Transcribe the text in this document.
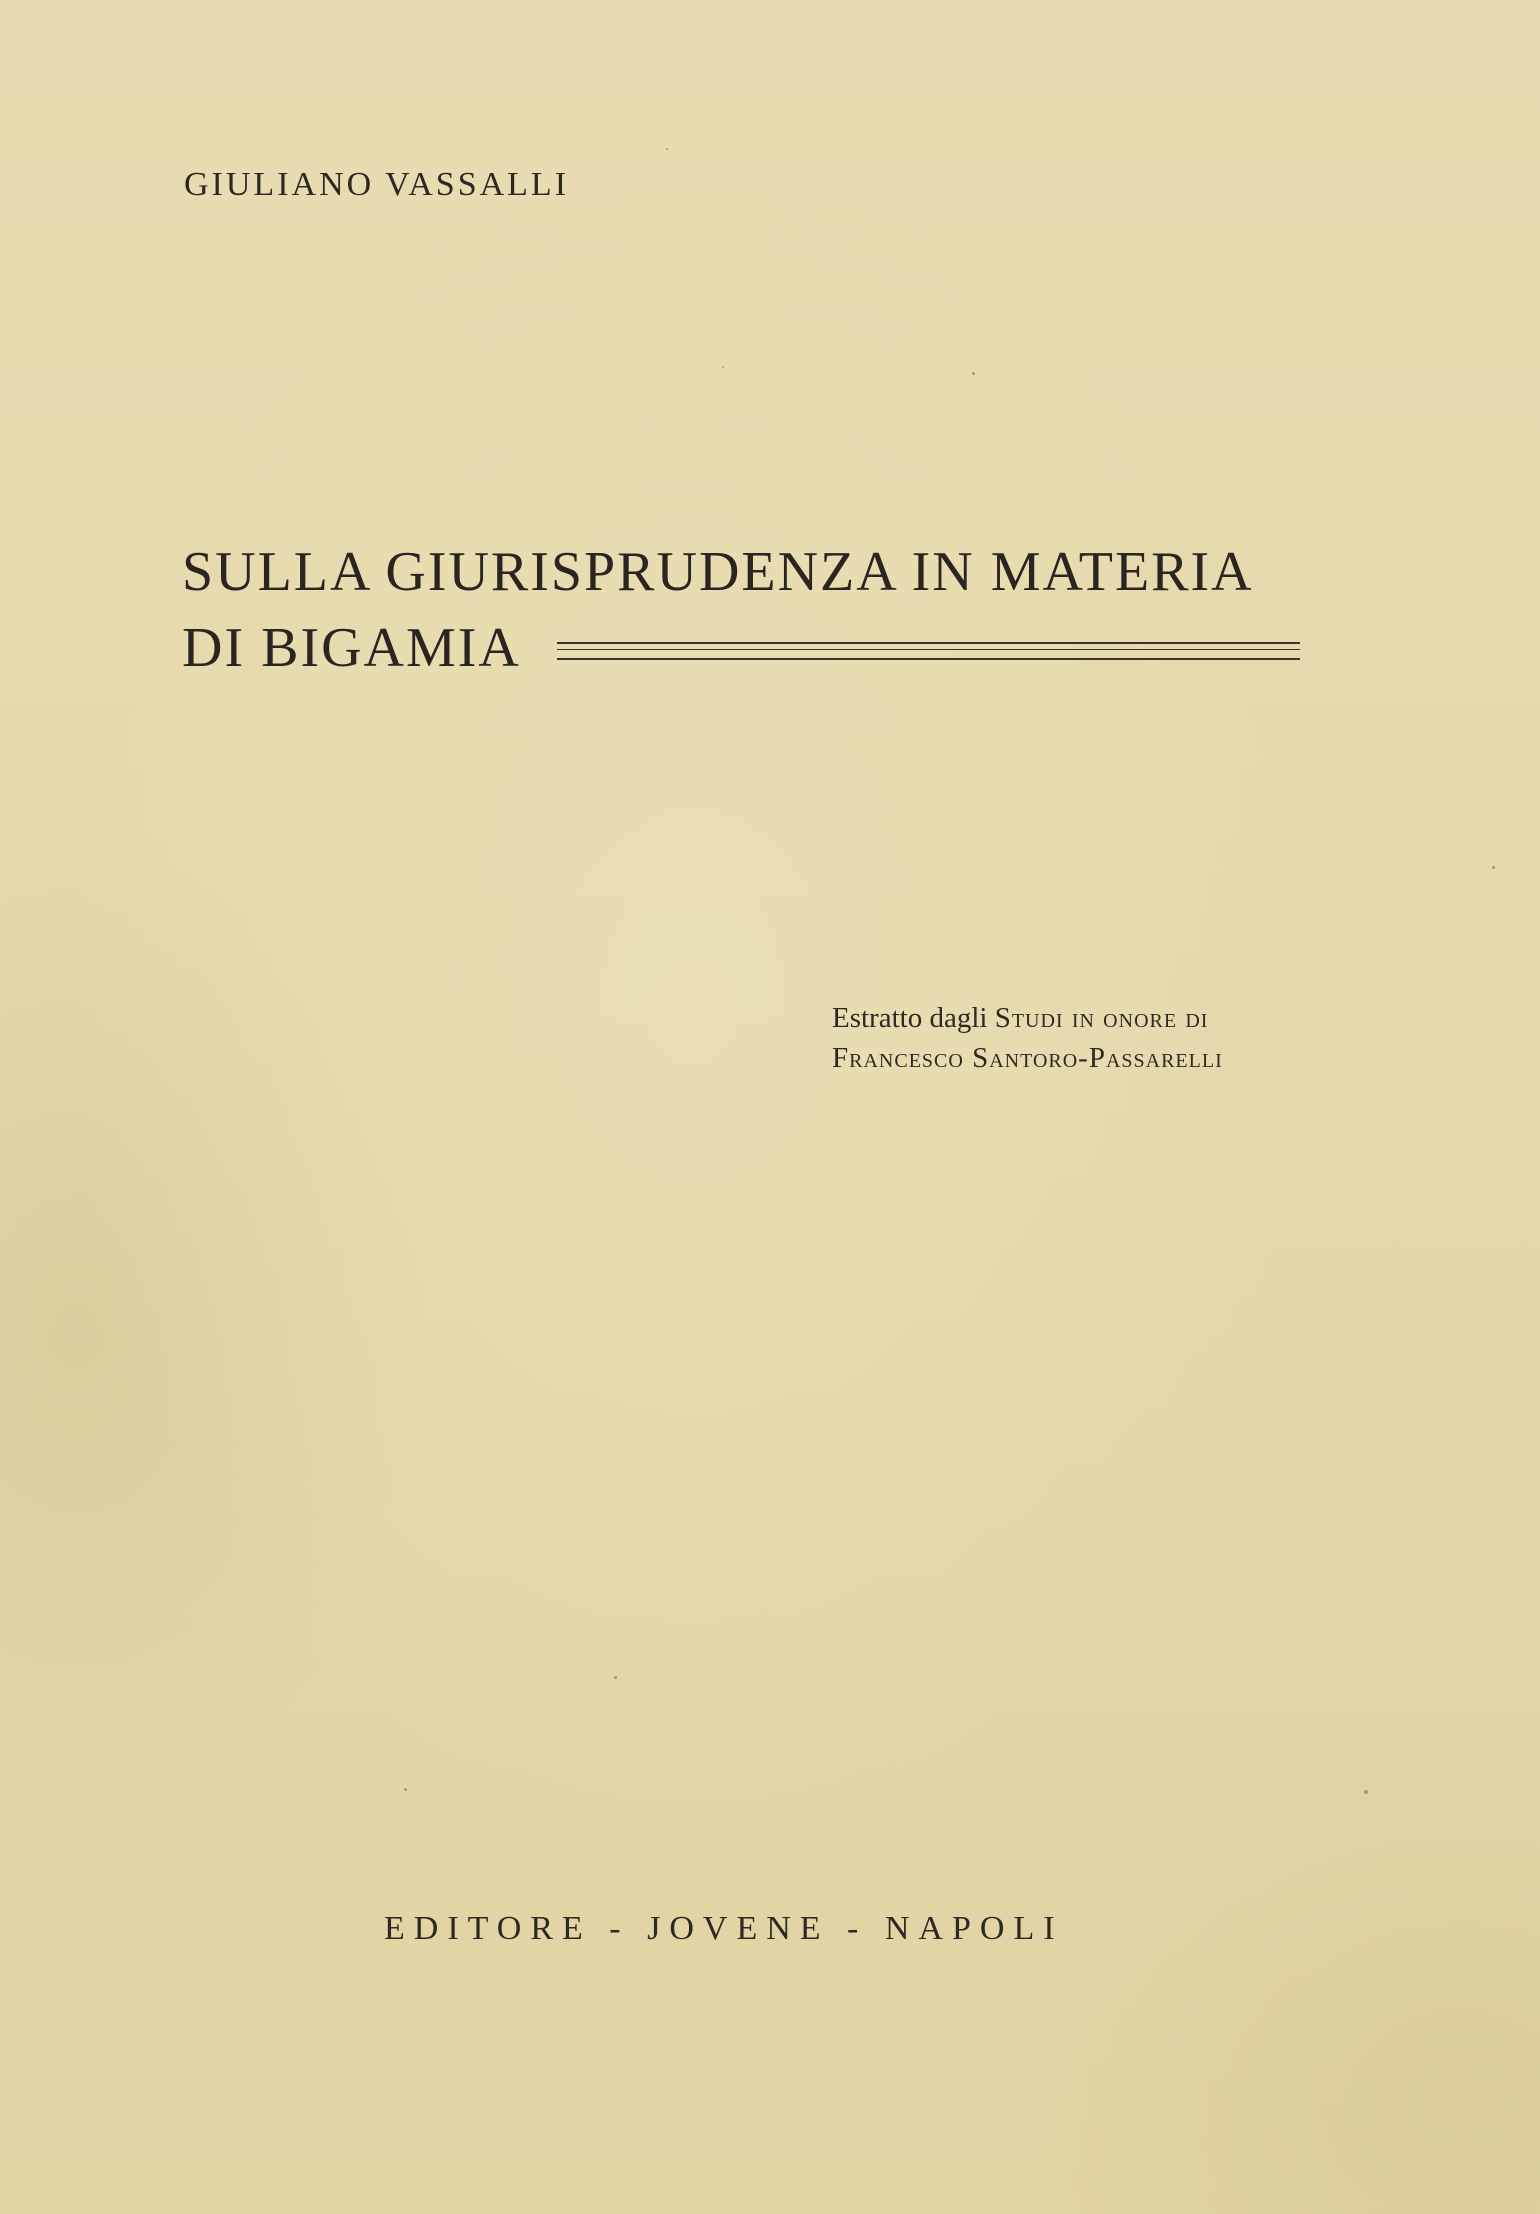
GIULIANO VASSALLI
SULLA GIURISPRUDENZA IN MATERIA
DI BIGAMIA
Estratto dagli Studi in onore di
Francesco Santoro-Passarelli
EDITORE - JOVENE - NAPOLI
